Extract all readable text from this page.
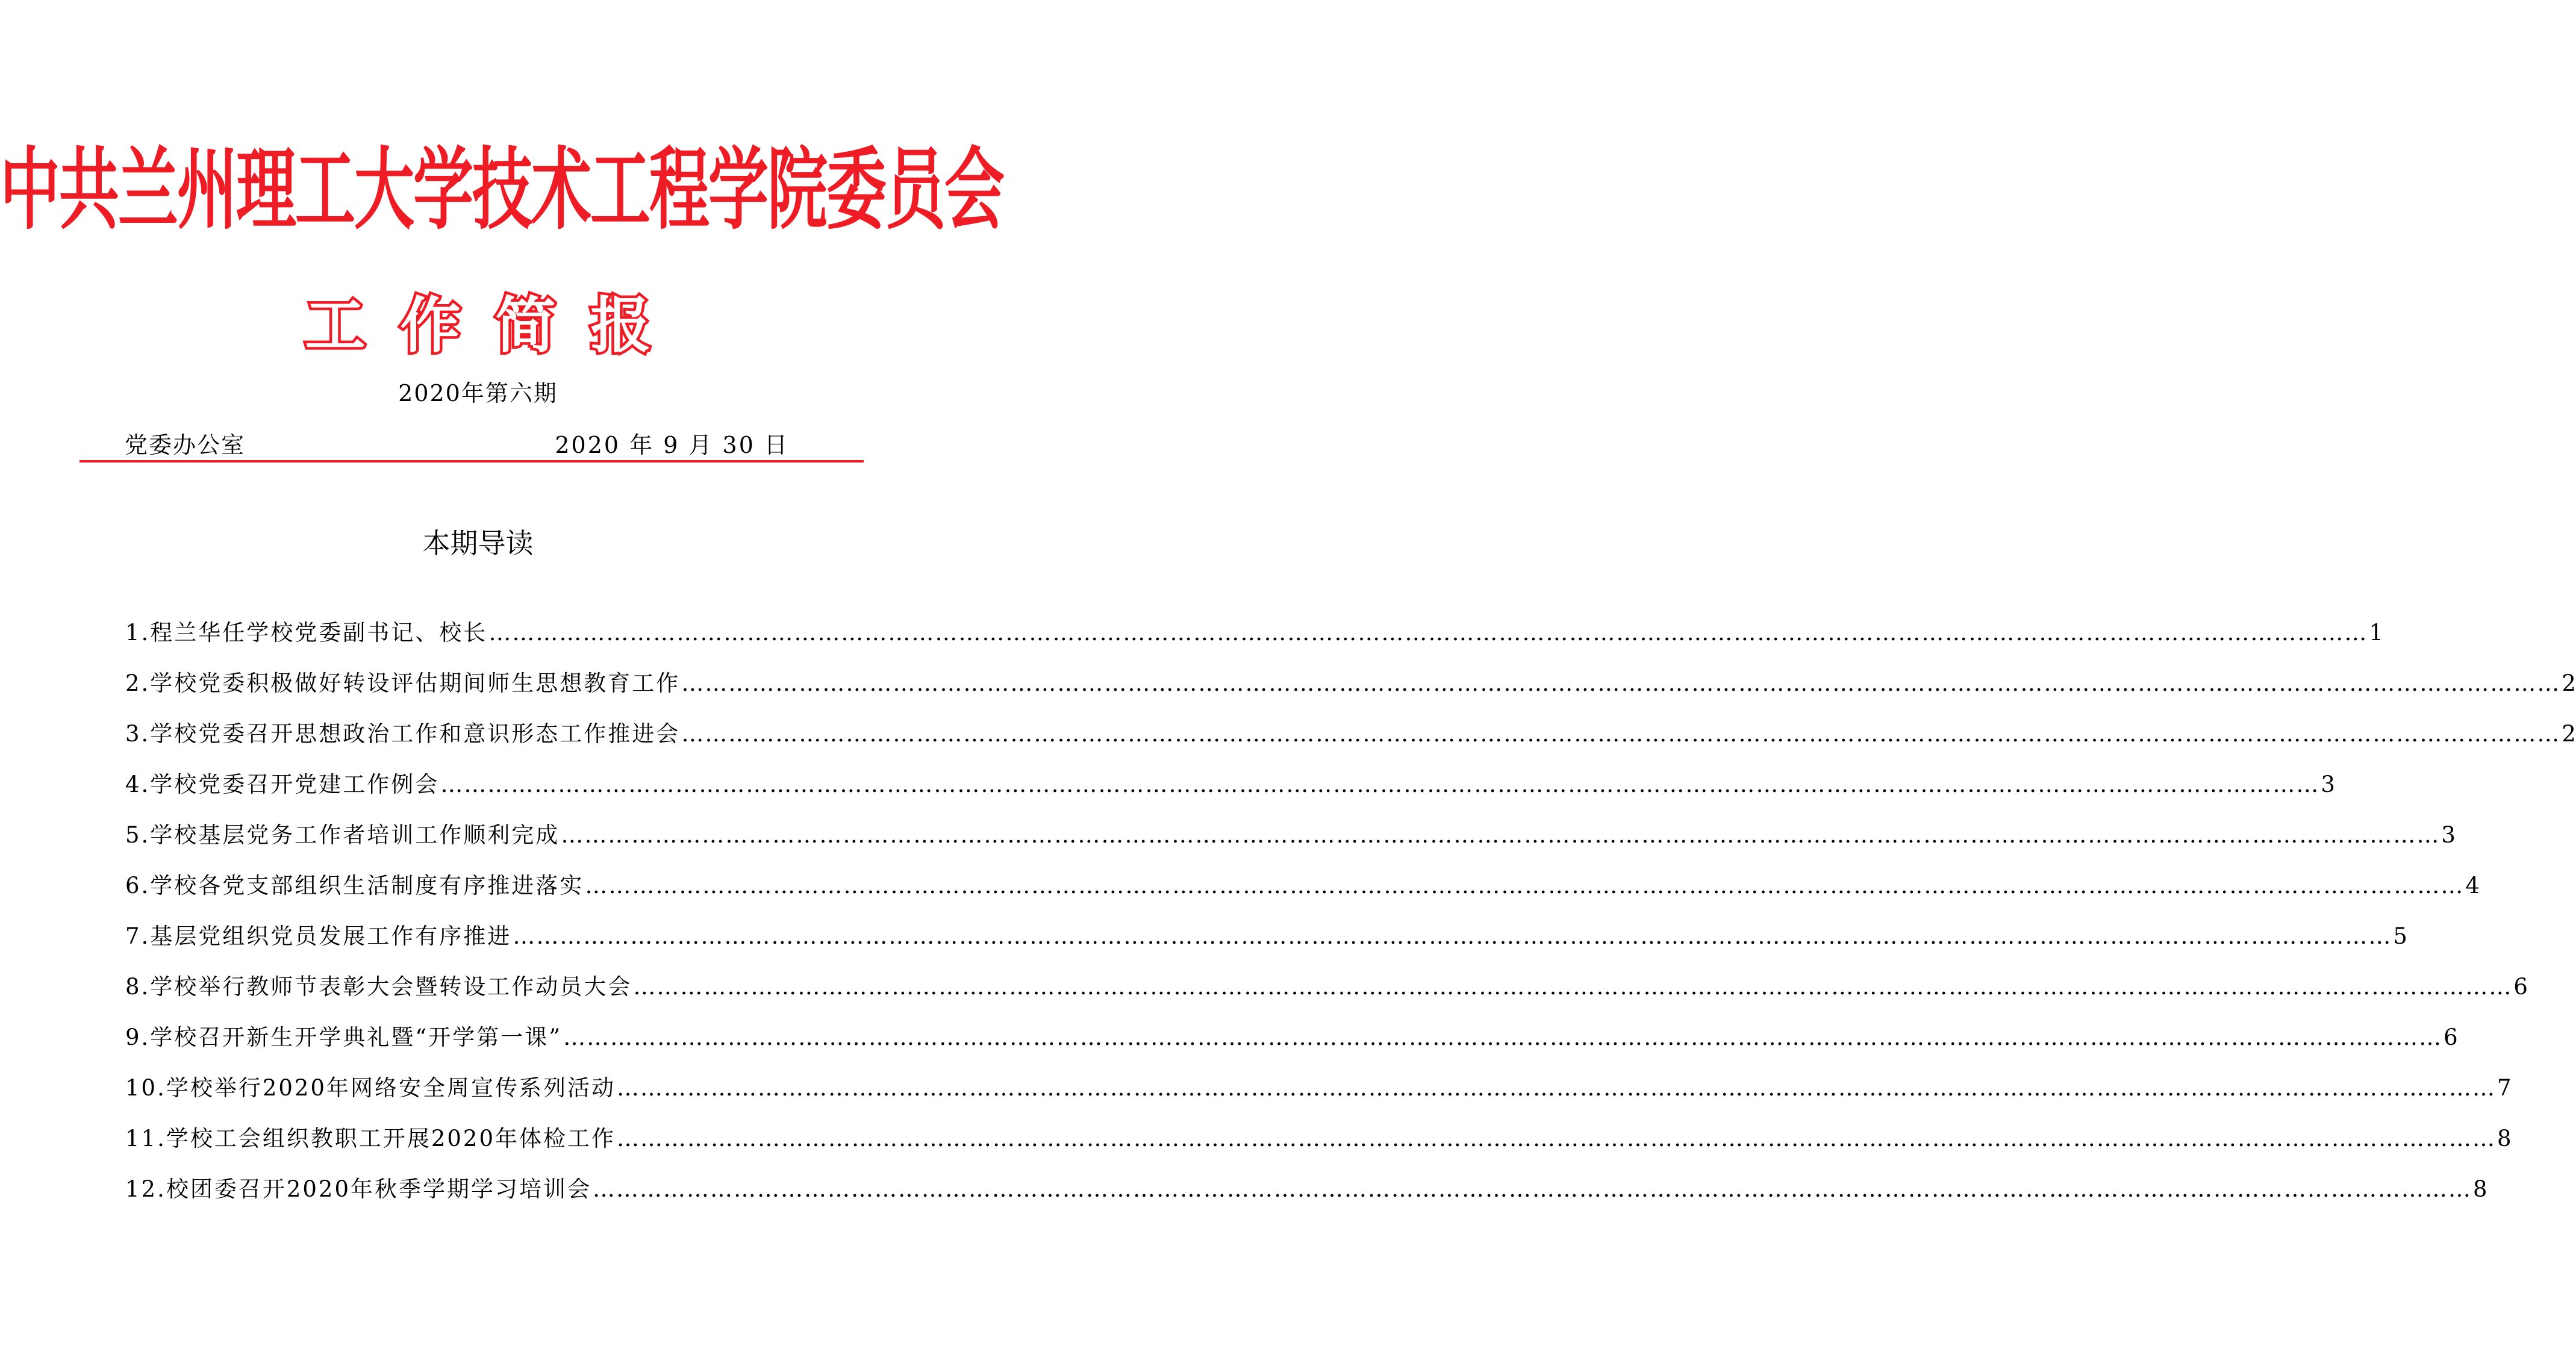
中共兰州理工大学技术工程学院委员会
工 作 简 报
2020年第六期
党委办公室	2020 年 9 月 30 日
本期导读
1.程兰华任学校党委副书记、校长 …………………………………………………………………………………………………………………………………………………………………………………………………………………… 1
2.学校党委积极做好转设评估期间师生思想教育工作 …………………………………………………………………………………………………………………………………………………………………………………………………………………… 2
3.学校党委召开思想政治工作和意识形态工作推进会 …………………………………………………………………………………………………………………………………………………………………………………………………………………… 2
4.学校党委召开党建工作例会 …………………………………………………………………………………………………………………………………………………………………………………………………………………… 3
5.学校基层党务工作者培训工作顺利完成 …………………………………………………………………………………………………………………………………………………………………………………………………………………… 3
6.学校各党支部组织生活制度有序推进落实 …………………………………………………………………………………………………………………………………………………………………………………………………………………… 4
7.基层党组织党员发展工作有序推进 …………………………………………………………………………………………………………………………………………………………………………………………………………………… 5
8.学校举行教师节表彰大会暨转设工作动员大会 …………………………………………………………………………………………………………………………………………………………………………………………………………………… 6
9.学校召开新生开学典礼暨“开学第一课” …………………………………………………………………………………………………………………………………………………………………………………………………………………… 6
10.学校举行2020年网络安全周宣传系列活动 …………………………………………………………………………………………………………………………………………………………………………………………………………………… 7
11.学校工会组织教职工开展2020年体检工作 …………………………………………………………………………………………………………………………………………………………………………………………………………………… 8
12.校团委召开2020年秋季学期学习培训会 …………………………………………………………………………………………………………………………………………………………………………………………………………………… 8
